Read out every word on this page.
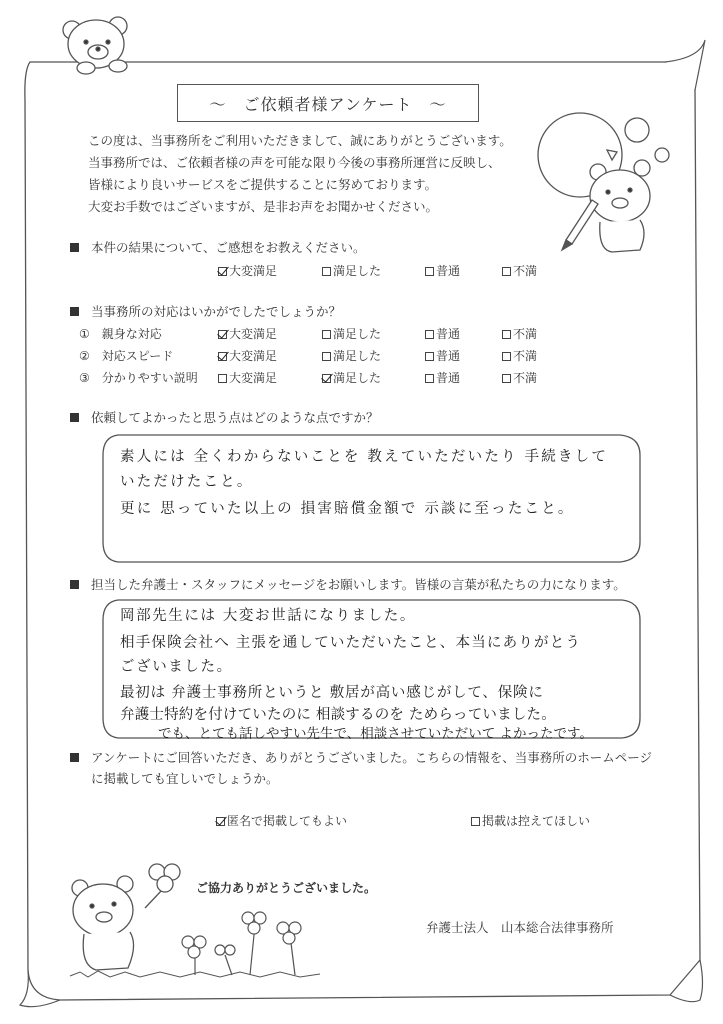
～　ご依頼者様アンケート　～
この度は、当事務所をご利用いただきまして、誠にありがとうございます。
当事務所では、ご依頼者様の声を可能な限り今後の事務所運営に反映し、
皆様により良いサービスをご提供することに努めております。
大変お手数ではございますが、是非お声をお聞かせください。
本件の結果について、ご感想をお教えください。
大変満足	満足した	普通	不満
当事務所の対応はいかがでしたでしょうか？
①　 親身な対応	大変満足	満足した	普通	不満
②　 対応スピード	大変満足	満足した	普通	不満
③　 分かりやすい説明	大変満足	満足した	普通	不満
依頼してよかったと思う点はどのような点ですか？
素人には 全くわからないことを 教えていただいたり 手続きして
いただけたこと。
更に 思っていた以上の 損害賠償金額で 示談に至ったこと。
担当した弁護士・スタッフにメッセージをお願いします。皆様の言葉が私たちの力になります。
岡部先生には 大変お世話になりました。
相手保険会社へ 主張を通していただいたこと、本当にありがとう
ございました。
最初は 弁護士事務所というと 敷居が高い感じがして、保険に
弁護士特約を付けていたのに 相談するのを ためらっていました。
でも、とても話しやすい先生で、相談させていただいて よかったです。
アンケートにご回答いただき、ありがとうございました。こちらの情報を、当事務所のホームページ
に掲載しても宜しいでしょうか。
匿名で掲載してもよい	掲載は控えてほしい
ご協力ありがとうございました。
弁護士法人　山本総合法律事務所
